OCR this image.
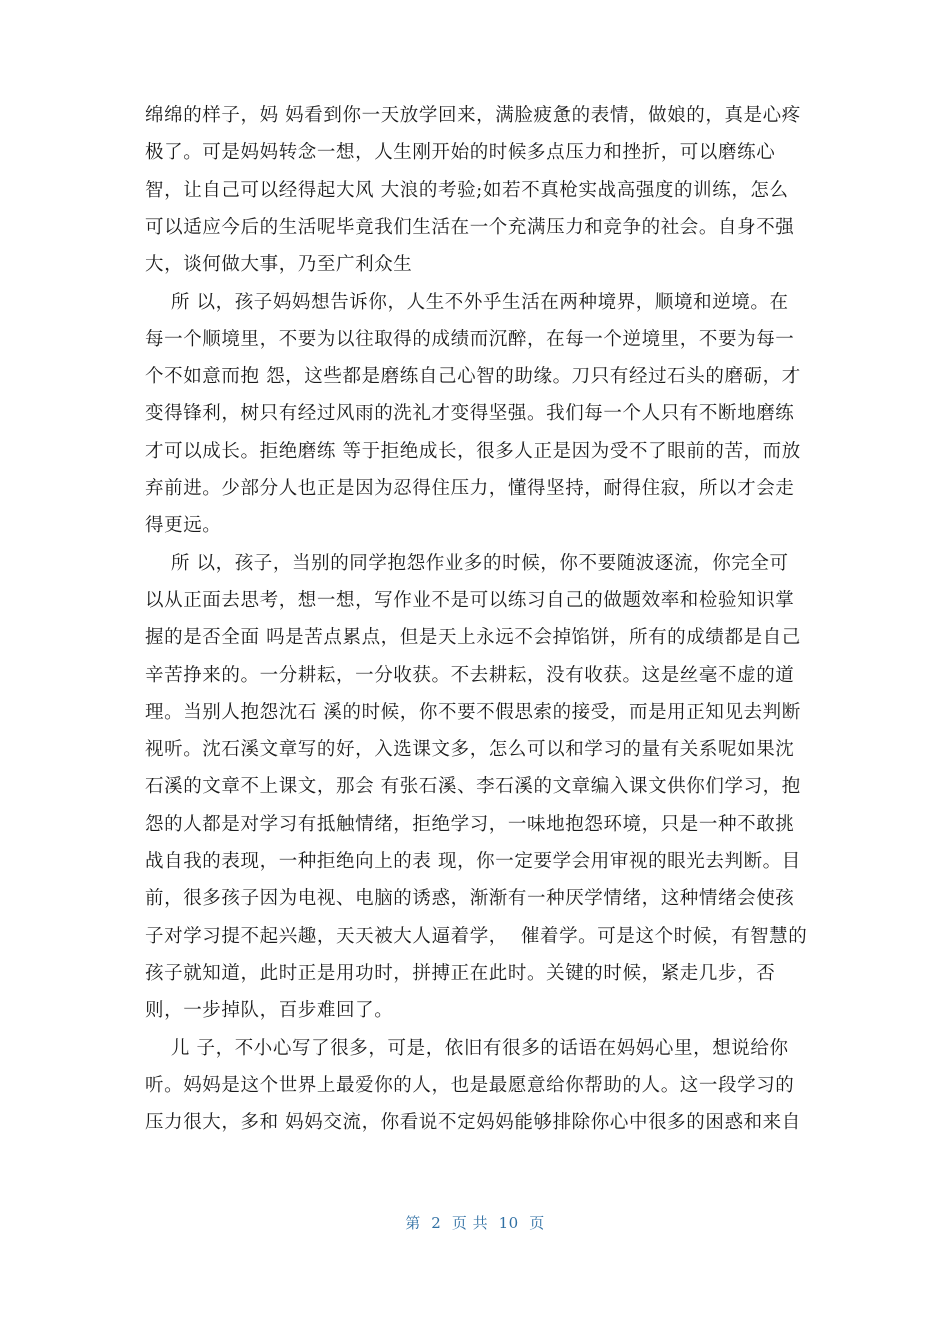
绵绵的样子，妈 妈看到你一天放学回来，满脸疲惫的表情，做娘的，真是心疼
极了。可是妈妈转念一想，人生刚开始的时候多点压力和挫折，可以磨练心
智，让自己可以经得起大风 大浪的考验;如若不真枪实战高强度的训练，怎么
可以适应今后的生活呢毕竟我们生活在一个充满压力和竞争的社会。自身不强
大，谈何做大事，乃至广利众生
所 以，孩子妈妈想告诉你，人生不外乎生活在两种境界，顺境和逆境。在
每一个顺境里，不要为以往取得的成绩而沉醉，在每一个逆境里，不要为每一
个不如意而抱 怨，这些都是磨练自己心智的助缘。刀只有经过石头的磨砺，才
变得锋利，树只有经过风雨的洗礼才变得坚强。我们每一个人只有不断地磨练
才可以成长。拒绝磨练 等于拒绝成长，很多人正是因为受不了眼前的苦，而放
弃前进。少部分人也正是因为忍得住压力，懂得坚持，耐得住寂，所以才会走
得更远。
所 以，孩子，当别的同学抱怨作业多的时候，你不要随波逐流，你完全可
以从正面去思考，想一想，写作业不是可以练习自己的做题效率和检验知识掌
握的是否全面 吗是苦点累点，但是天上永远不会掉馅饼，所有的成绩都是自己
辛苦挣来的。一分耕耘，一分收获。不去耕耘，没有收获。这是丝毫不虚的道
理。当别人抱怨沈石 溪的时候，你不要不假思索的接受，而是用正知见去判断
视听。沈石溪文章写的好，入选课文多，怎么可以和学习的量有关系呢如果沈
石溪的文章不上课文，那会 有张石溪、李石溪的文章编入课文供你们学习，抱
怨的人都是对学习有抵触情绪，拒绝学习，一味地抱怨环境，只是一种不敢挑
战自我的表现，一种拒绝向上的表 现，你一定要学会用审视的眼光去判断。目
前，很多孩子因为电视、电脑的诱惑，渐渐有一种厌学情绪，这种情绪会使孩
子对学习提不起兴趣，天天被大人逼着学，  催着学。可是这个时候，有智慧的
孩子就知道，此时正是用功时，拼搏正在此时。关键的时候，紧走几步，否
则，一步掉队，百步难回了。
儿 子，不小心写了很多，可是，依旧有很多的话语在妈妈心里，想说给你
听。妈妈是这个世界上最爱你的人，也是最愿意给你帮助的人。这一段学习的
压力很大，多和 妈妈交流，你看说不定妈妈能够排除你心中很多的困惑和来自
第  2  页 共  10  页
